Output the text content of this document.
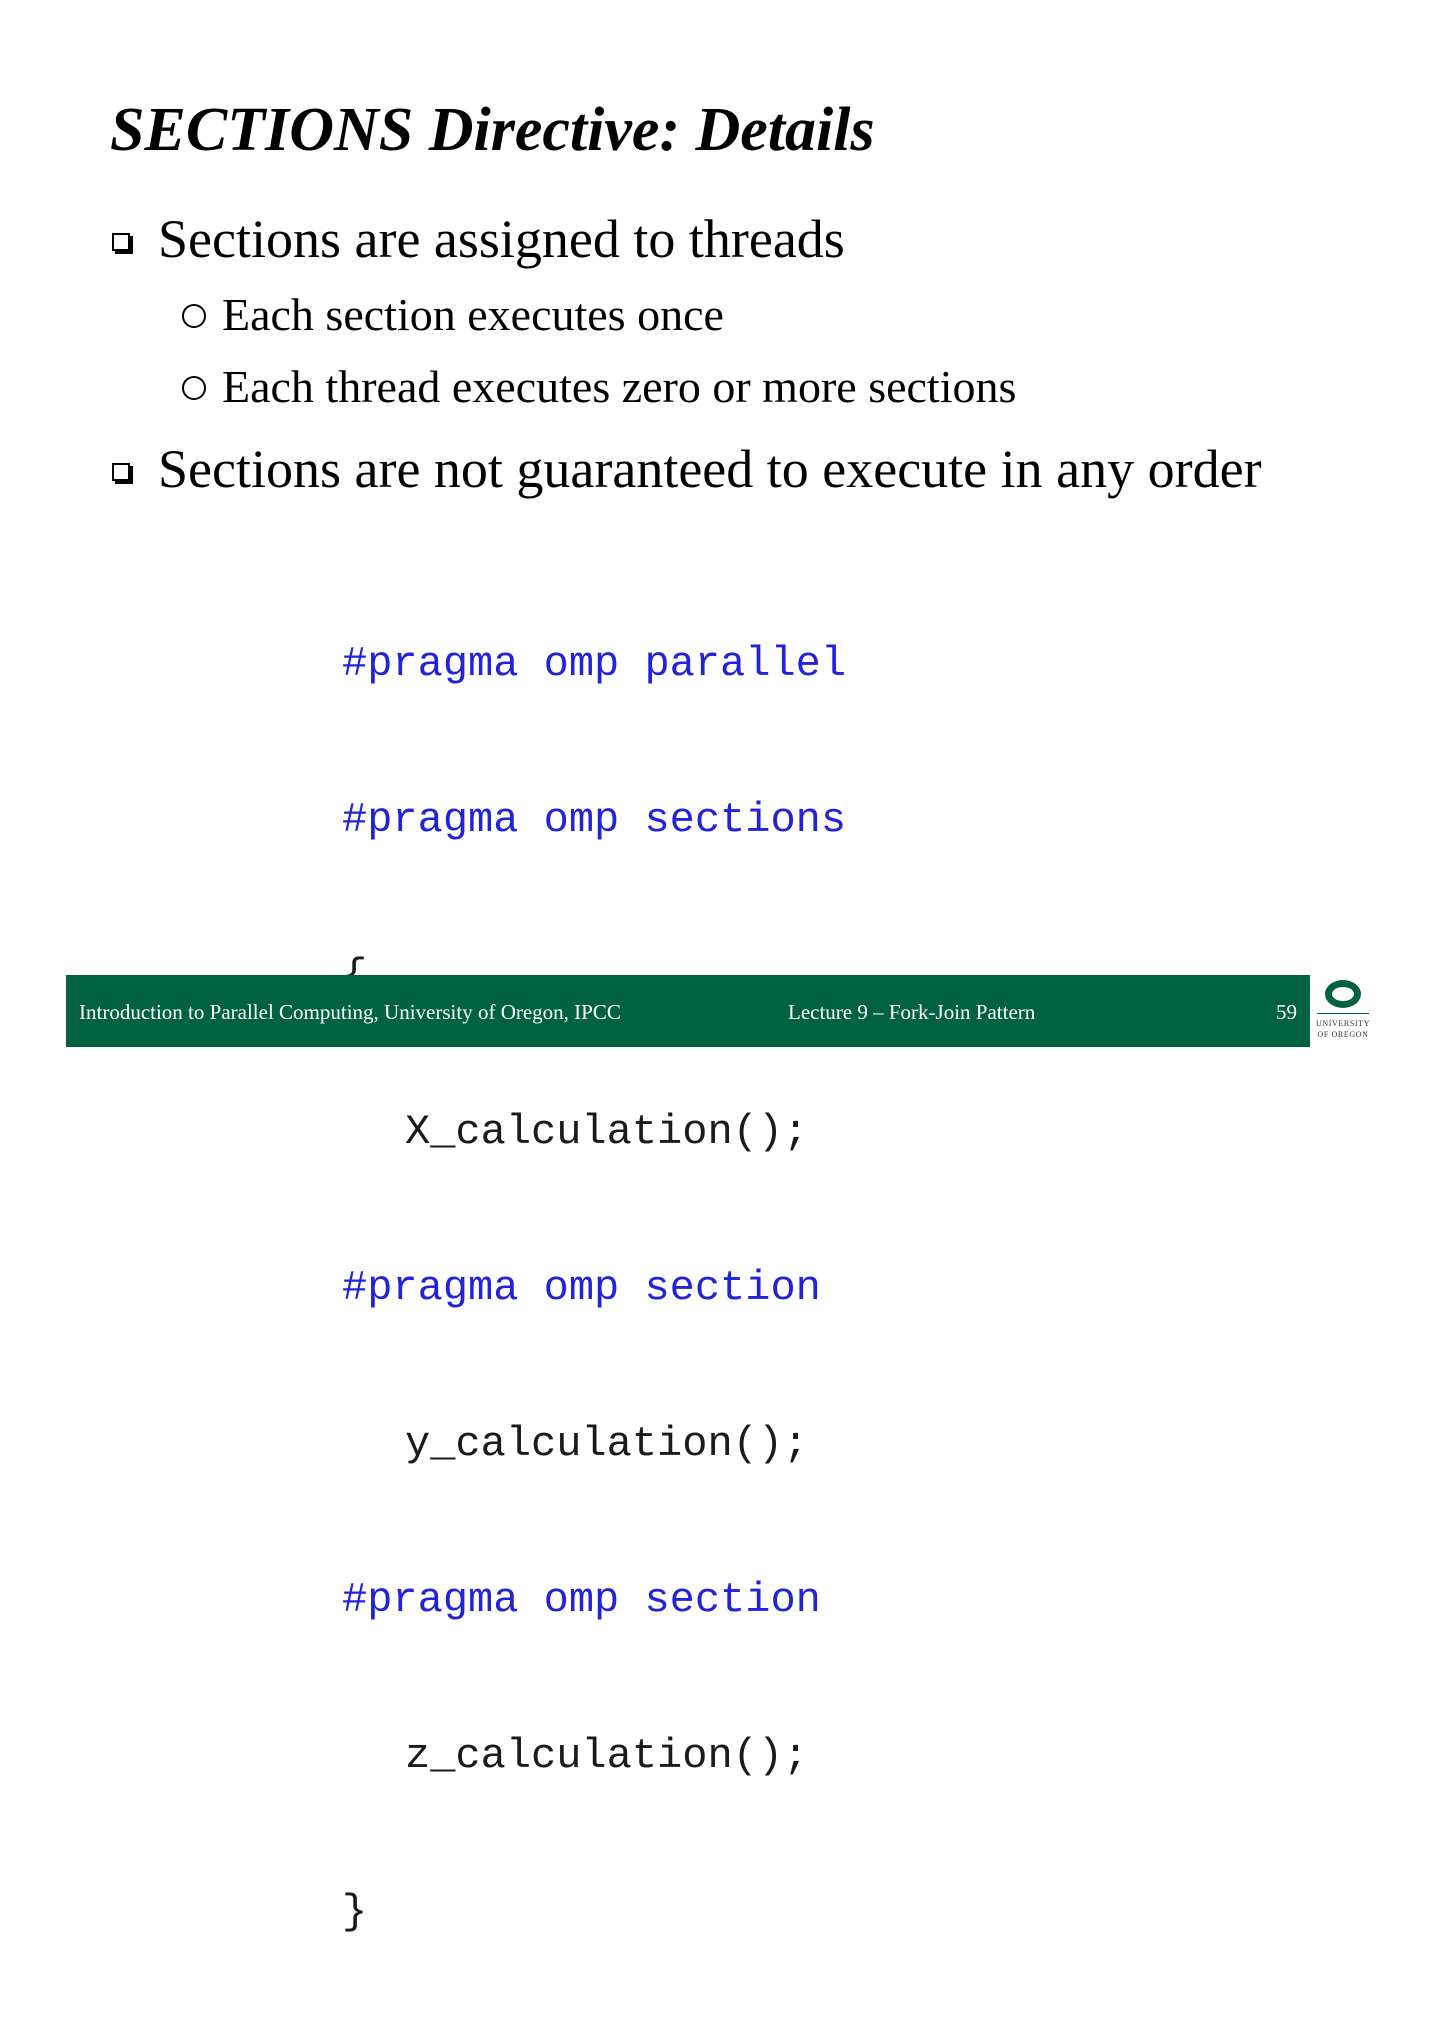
SECTIONS Directive: Details
Sections are assigned to threads
Each section executes once
Each thread executes zero or more sections
Sections are not guaranteed to execute in any order

#pragma omp parallel

#pragma omp sections

X_calculation();

#pragma omp section

y_calculation();

#pragma omp section

z_calculation();

}

Introduction to Parallel Computing, University of Oregon, IPCC	Lecture 9 – Fork-Join Pattern	59	UNIVERSITY
OF OREGON
